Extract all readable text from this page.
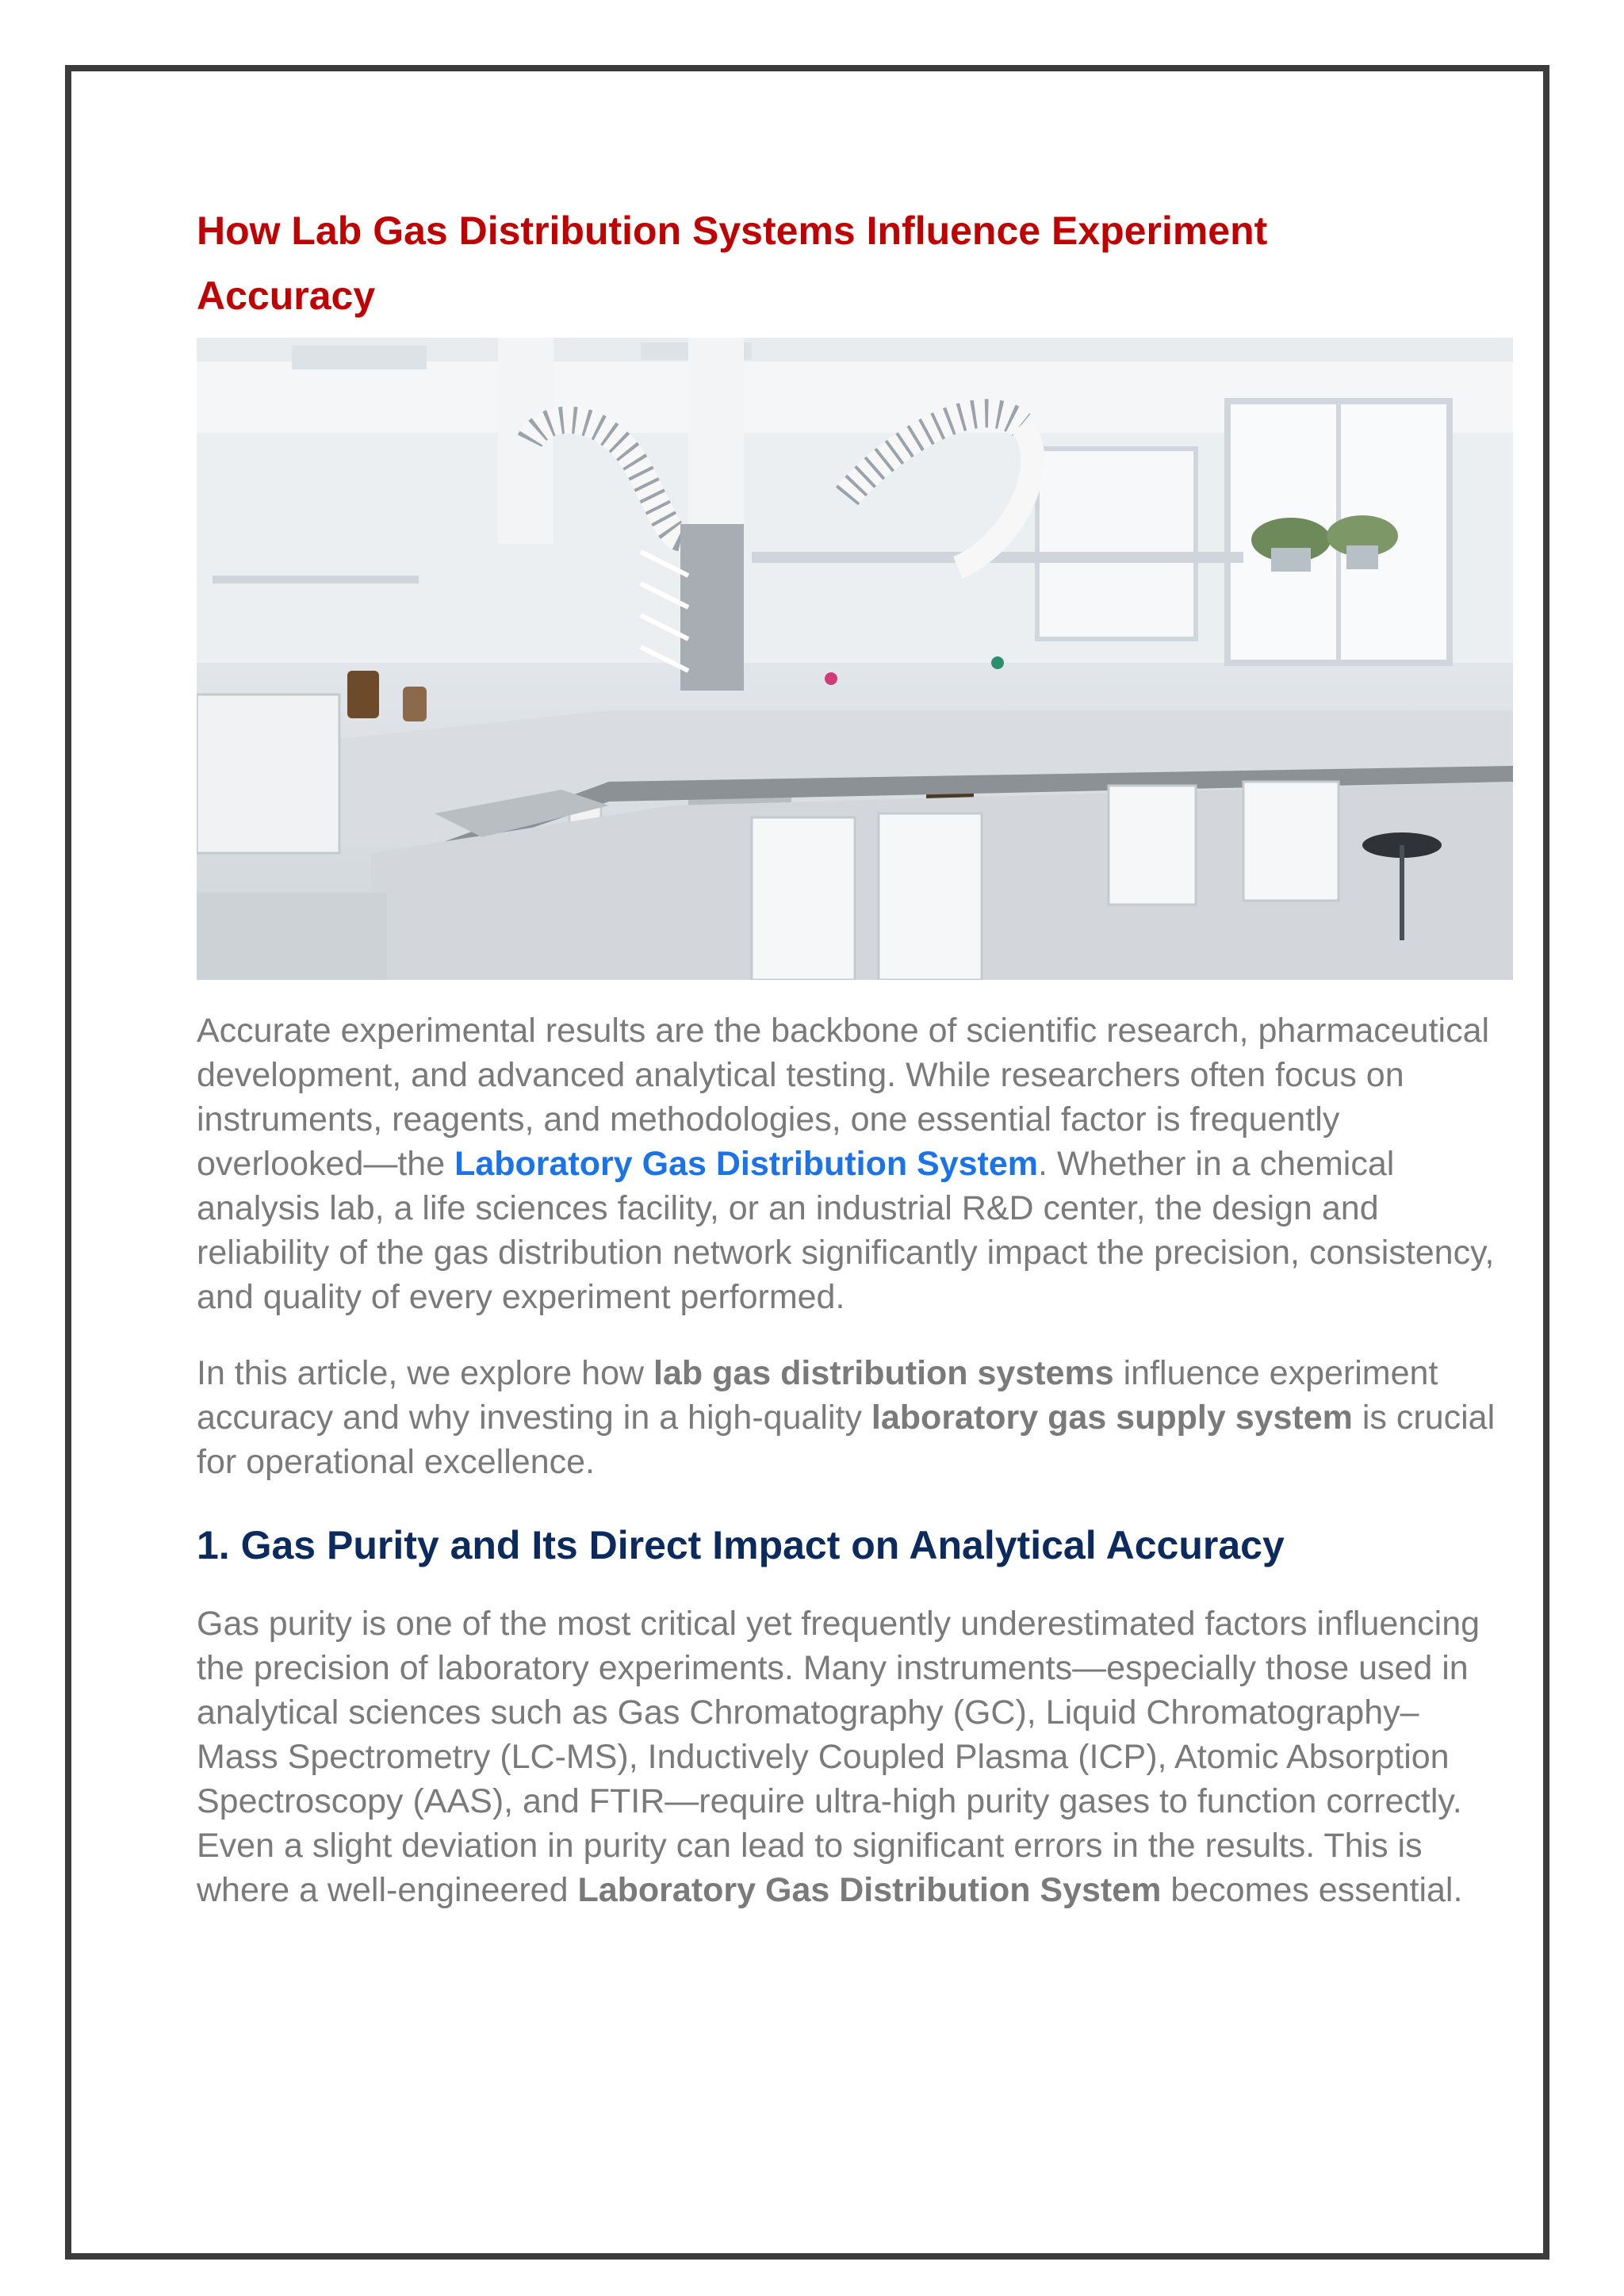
How Lab Gas Distribution Systems Influence Experiment Accuracy

Accurate experimental results are the backbone of scientific research, pharmaceutical development, and advanced analytical testing. While researchers often focus on instruments, reagents, and methodologies, one essential factor is frequently overlooked—the Laboratory Gas Distribution System. Whether in a chemical analysis lab, a life sciences facility, or an industrial R&D center, the design and reliability of the gas distribution network significantly impact the precision, consistency, and quality of every experiment performed.

In this article, we explore how lab gas distribution systems influence experiment accuracy and why investing in a high-quality laboratory gas supply system is crucial for operational excellence.

1. Gas Purity and Its Direct Impact on Analytical Accuracy

Gas purity is one of the most critical yet frequently underestimated factors influencing the precision of laboratory experiments. Many instruments—especially those used in analytical sciences such as Gas Chromatography (GC), Liquid Chromatography–Mass Spectrometry (LC-MS), Inductively Coupled Plasma (ICP), Atomic Absorption Spectroscopy (AAS), and FTIR—require ultra-high purity gases to function correctly. Even a slight deviation in purity can lead to significant errors in the results. This is where a well-engineered Laboratory Gas Distribution System becomes essential.
